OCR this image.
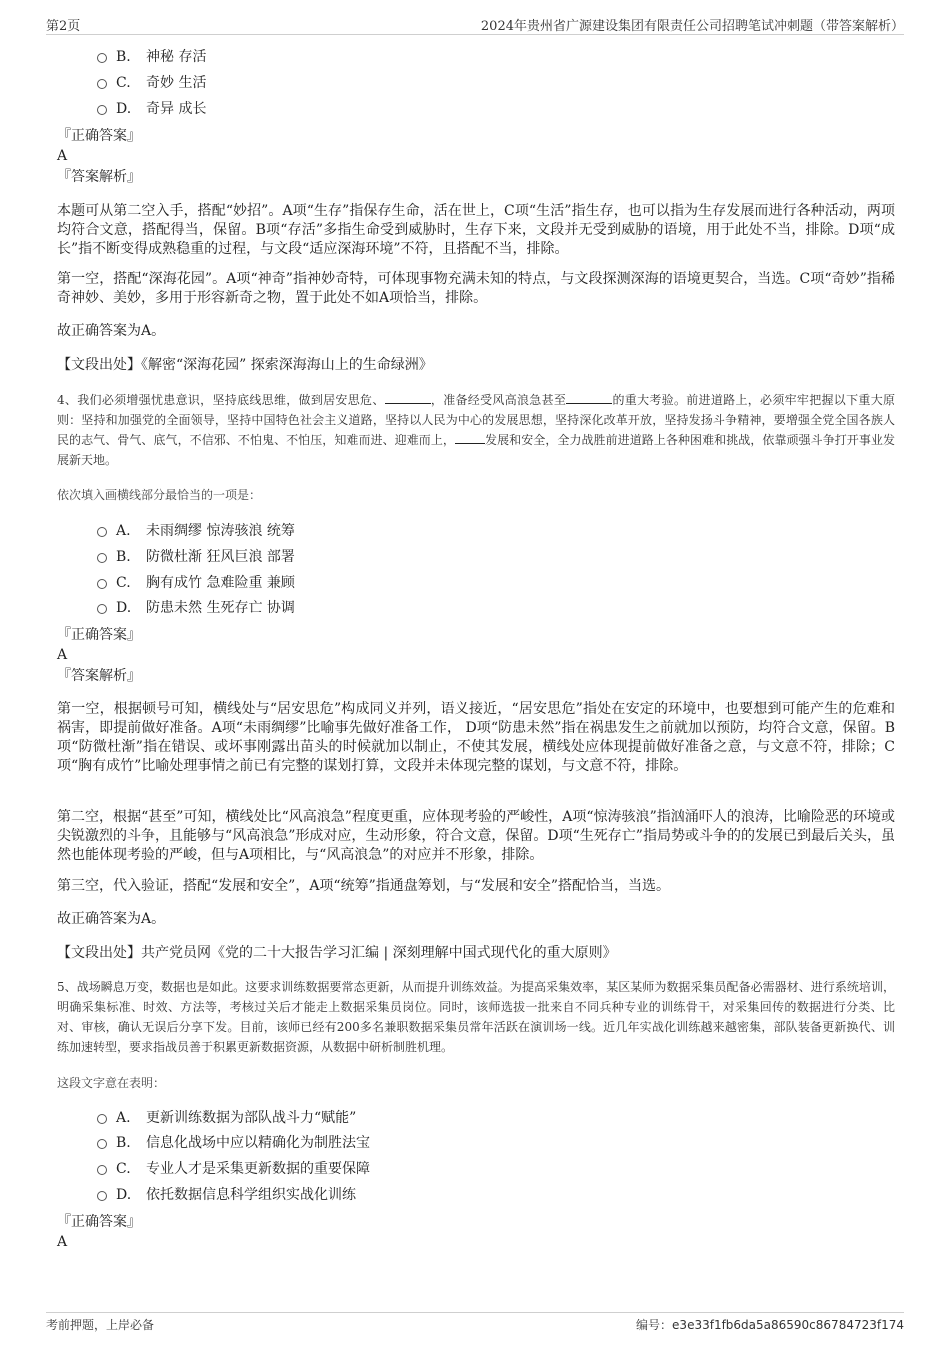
第2页	2024年贵州省广源建设集团有限责任公司招聘笔试冲刺题（带答案解析）
B. 神秘 存活
C. 奇妙 生活
D. 奇异 成长
『正确答案』
A
『答案解析』
本题可从第二空入手，搭配“妙招”。A项“生存”指保存生命，活在世上，C项“生活”指生存，也可以指为生存发展而进行各种活动，两项均符合文意，搭配得当，保留。B项“存活”多指生命受到威胁时，生存下来，文段并无受到威胁的语境，用于此处不当，排除。D项“成长”指不断变得成熟稳重的过程，与文段“适应深海环境”不符，且搭配不当，排除。
第一空，搭配“深海花园”。A项“神奇”指神妙奇特，可体现事物充满未知的特点，与文段探测深海的语境更契合，当选。C项“奇妙”指稀奇神妙、美妙，多用于形容新奇之物，置于此处不如A项恰当，排除。
故正确答案为A。
【文段出处】《解密“深海花园” 探索深海海山上的生命绿洲》
4、我们必须增强忧患意识，坚持底线思维，做到居安思危、	，准备经受风高浪急甚至	的重大考验。前进道路上，必须牢牢把握以下重大原则：坚持和加强党的全面领导，坚持中国特色社会主义道路，坚持以人民为中心的发展思想，坚持深化改革开放，坚持发扬斗争精神，要增强全党全国各族人民的志气、骨气、底气，不信邪、不怕鬼、不怕压，知难而进、迎难而上，	发展和安全，全力战胜前进道路上各种困难和挑战，依靠顽强斗争打开事业发展新天地。
依次填入画横线部分最恰当的一项是：
A. 未雨绸缪 惊涛骇浪 统筹
B. 防微杜渐 狂风巨浪 部署
C. 胸有成竹 急难险重 兼顾
D. 防患未然 生死存亡 协调
『正确答案』
A
『答案解析』
第一空，根据顿号可知，横线处与“居安思危”构成同义并列，语义接近，“居安思危”指处在安定的环境中，也要想到可能产生的危难和祸害，即提前做好准备。A项“未雨绸缪”比喻事先做好准备工作， D项“防患未然”指在祸患发生之前就加以预防，均符合文意，保留。B项“防微杜渐”指在错误、或坏事刚露出苗头的时候就加以制止，不使其发展，横线处应体现提前做好准备之意，与文意不符，排除；C项“胸有成竹”比喻处理事情之前已有完整的谋划打算，文段并未体现完整的谋划，与文意不符，排除。
第二空，根据“甚至”可知，横线处比“风高浪急”程度更重，应体现考验的严峻性，A项“惊涛骇浪”指汹涌吓人的浪涛，比喻险恶的环境或尖锐激烈的斗争，且能够与“风高浪急”形成对应，生动形象，符合文意，保留。D项“生死存亡”指局势或斗争的的发展已到最后关头，虽然也能体现考验的严峻，但与A项相比，与“风高浪急”的对应并不形象，排除。
第三空，代入验证，搭配“发展和安全”，A项“统筹”指通盘筹划，与“发展和安全”搭配恰当，当选。
故正确答案为A。
【文段出处】共产党员网《党的二十大报告学习汇编 | 深刻理解中国式现代化的重大原则》
5、战场瞬息万变，数据也是如此。这要求训练数据要常态更新，从而提升训练效益。为提高采集效率，某区某师为数据采集员配备必需器材、进行系统培训，明确采集标准、时效、方法等，考核过关后才能走上数据采集员岗位。同时，该师选拔一批来自不同兵种专业的训练骨干，对采集回传的数据进行分类、比对、审核，确认无误后分享下发。目前，该师已经有200多名兼职数据采集员常年活跃在演训场一线。近几年实战化训练越来越密集，部队装备更新换代、训练加速转型，要求指战员善于积累更新数据资源，从数据中研析制胜机理。
这段文字意在表明：
A. 更新训练数据为部队战斗力“赋能”
B. 信息化战场中应以精确化为制胜法宝
C. 专业人才是采集更新数据的重要保障
D. 依托数据信息科学组织实战化训练
『正确答案』
A
考前押题，上岸必备	编号：e3e33f1fb6da5a86590c86784723f174
